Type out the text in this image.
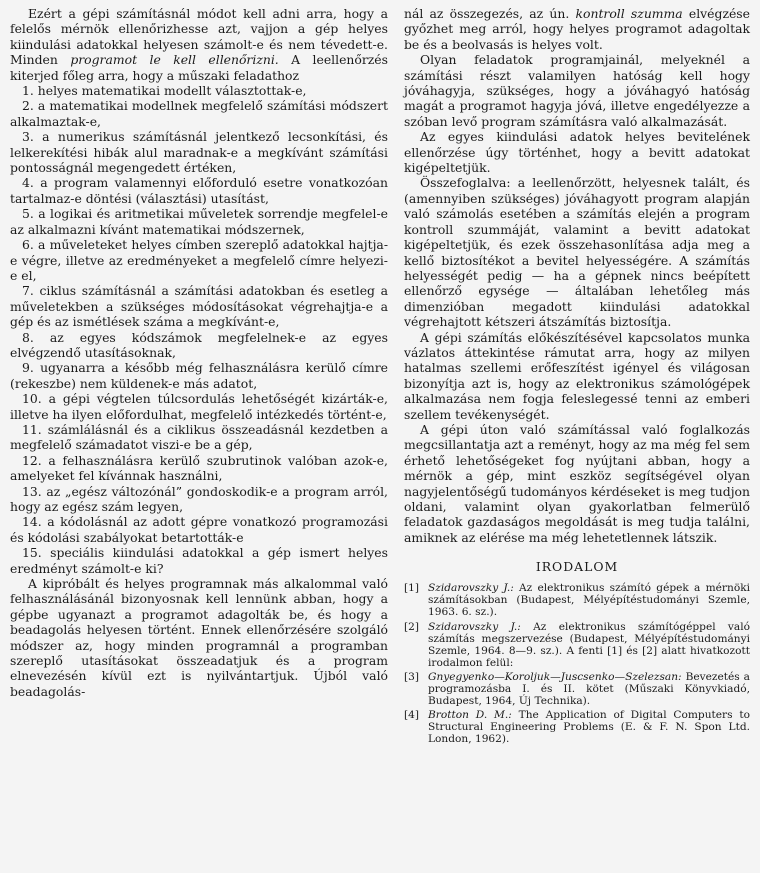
Ezért a gépi számításnál módot kell adni arra, hogy a felelős mérnök ellenőrizhesse azt, vajjon a gép helyes kiindulási adatokkal helyesen számolt-e és nem tévedett-e. Minden programot le kell ellenőrizni. A leellenőrzés kiterjed főleg arra, hogy a műszaki feladathoz

1. helyes matematikai modellt választottak-e,

2. a matematikai modellnek megfelelő számítási módszert alkalmaztak-e,

3. a numerikus számításnál jelentkező lecsonkítási, és lelkerekítési hibák alul maradnak-e a megkívánt számítási pontosságnál megengedett értéken,

4. a program valamennyi előforduló esetre vonatkozóan tartalmaz-e döntési (választási) utasítást,

5. a logikai és aritmetikai műveletek sorrendje megfelel-e az alkalmazni kívánt matematikai módszernek,

6. a műveleteket helyes címben szereplő adatokkal hajtja-e végre, illetve az eredményeket a megfelelő címre helyezi-e el,

7. ciklus számításnál a számítási adatokban és esetleg a műveletekben a szükséges módosításokat végrehajtja-e a gép és az ismétlések száma a megkívánt-e,

8. az egyes kódszámok megfelelnek-e az egyes elvégzendő utasításoknak,

9. ugyanarra a később még felhasználásra kerülő címre (rekeszbe) nem küldenek-e más adatot,

10. a gépi végtelen túlcsordulás lehetőségét kizárták-e, illetve ha ilyen előfordulhat, megfelelő intézkedés történt-e,

11. számlálásnál és a ciklikus összeadásnál kezdetben a megfelelő számadatot viszi-e be a gép,

12. a felhasználásra kerülő szubrutinok valóban azok-e, amelyeket fel kívánnak használni,

13. az „egész változónál” gondoskodik-e a program arról, hogy az egész szám legyen,

14. a kódolásnál az adott gépre vonatkozó programozási és kódolási szabályokat betartották-e

15. speciális kiindulási adatokkal a gép ismert helyes eredményt számolt-e ki?

A kipróbált és helyes programnak más alkalommal való felhasználásánál bizonyosnak kell lennünk abban, hogy a gépbe ugyanazt a programot adagolták be, és hogy a beadagolás helyesen történt. Ennek ellenőrzésére szolgáló módszer az, hogy minden programnál a programban szereplő utasításokat összeadatjuk és a program elnevezésén kívül ezt is nyilvántartjuk. Újból való beadagolás-

nál az összegezés, az ún. kontroll szumma elvégzése győzhet meg arról, hogy helyes programot adagoltak be és a beolvasás is helyes volt.

Olyan feladatok programjainál, melyeknél a számítási részt valamilyen hatóság kell hogy jóváhagyja, szükséges, hogy a jóváhagyó hatóság magát a programot hagyja jóvá, illetve engedélyezze a szóban levő program számításra való alkalmazását.

Az egyes kiindulási adatok helyes bevitelének ellenőrzése úgy történhet, hogy a bevitt adatokat kigépeltetjük.

Összefoglalva: a leellenőrzött, helyesnek talált, és (amennyiben szükséges) jóváhagyott program alapján való számolás esetében a számítás elején a program kontroll szummáját, valamint a bevitt adatokat kigépeltetjük, és ezek összehasonlítása adja meg a kellő biztosítékot a bevitel helyességére. A számítás helyességét pedig — ha a gépnek nincs beépített ellenőrző egysége — általában lehetőleg más dimenzióban megadott kiindulási adatokkal végrehajtott kétszeri átszámítás biztosítja.

A gépi számítás előkészítésével kapcsolatos munka vázlatos áttekintése rámutat arra, hogy az milyen hatalmas szellemi erőfeszítést igényel és világosan bizonyítja azt is, hogy az elektronikus számológépek alkalmazása nem fogja feleslegessé tenni az emberi szellem tevékenységét.

A gépi úton való számítással való foglalkozás megcsillantatja azt a reményt, hogy az ma még fel sem érhető lehetőségeket fog nyújtani abban, hogy a mérnök a gép, mint eszköz segítségével olyan nagyjelentőségű tudományos kérdéseket is meg tudjon oldani, valamint olyan gyakorlatban felmerülő feladatok gazdaságos megoldását is meg tudja találni, amiknek az elérése ma még lehetetlennek látszik.

IRODALOM
[1] Szidarovszky J.: Az elektronikus számító gépek a mérnöki számításokban (Budapest, Mélyépítéstudományi Szemle, 1963. 6. sz.).
[2] Szidarovszky J.: Az elektronikus számítógéppel való számítás megszervezése (Budapest, Mélyépítéstudományi Szemle, 1964. 8—9. sz.). A fenti [1] és [2] alatt hivatkozott irodalmon felül:
[3] Gnyegyenko—Koroljuk—Juscsenko—Szelezsan: Bevezetés a programozásba I. és II. kötet (Műszaki Könyvkiadó, Budapest, 1964, Új Technika).
[4] Brotton D. M.: The Application of Digital Computers to Structural Engineering Problems (E. & F. N. Spon Ltd. London, 1962).
